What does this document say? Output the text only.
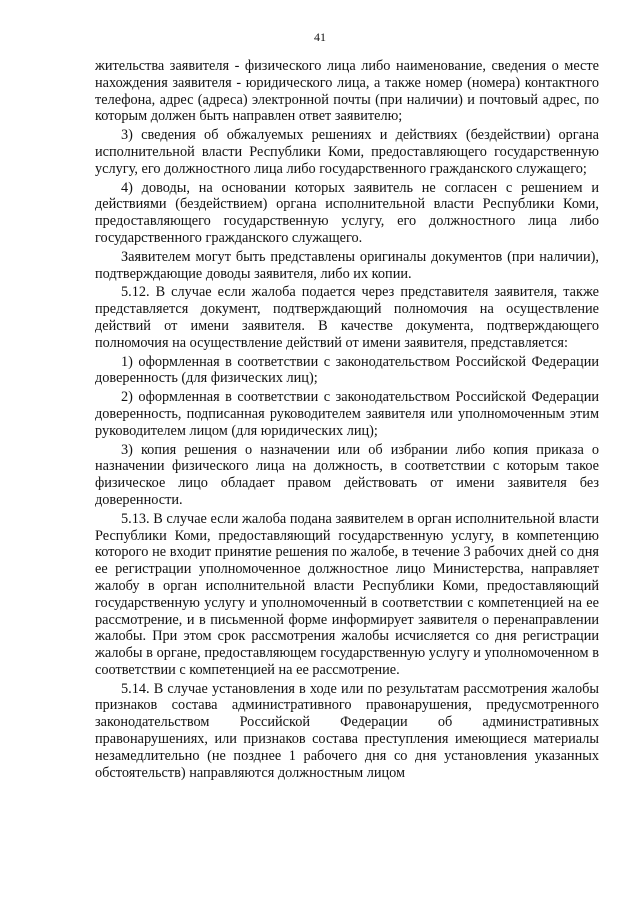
41

жительства заявителя - физического лица либо наименование, сведения о месте нахождения заявителя - юридического лица, а также номер (номера) контактного телефона, адрес (адреса) электронной почты (при наличии) и почтовый адрес, по которым должен быть направлен ответ заявителю;

3) сведения об обжалуемых решениях и действиях (бездействии) органа исполнительной власти Республики Коми, предоставляющего государственную услугу, его должностного лица либо государственного гражданского служащего;

4) доводы, на основании которых заявитель не согласен с решением и действиями (бездействием) органа исполнительной власти Республики Коми, предоставляющего государственную услугу, его должностного лица либо государственного гражданского служащего.

Заявителем могут быть представлены оригиналы документов (при наличии), подтверждающие доводы заявителя, либо их копии.

5.12. В случае если жалоба подается через представителя заявителя, также представляется документ, подтверждающий полномочия на осуществление действий от имени заявителя. В качестве документа, подтверждающего полномочия на осуществление действий от имени заявителя, представляется:

1) оформленная в соответствии с законодательством Российской Федерации доверенность (для физических лиц);

2) оформленная в соответствии с законодательством Российской Федерации доверенность, подписанная руководителем заявителя или уполномоченным этим руководителем лицом (для юридических лиц);

3) копия решения о назначении или об избрании либо копия приказа о назначении физического лица на должность, в соответствии с которым такое физическое лицо обладает правом действовать от имени заявителя без доверенности.

5.13. В случае если жалоба подана заявителем в орган исполнительной власти Республики Коми, предоставляющий государственную услугу, в компетенцию которого не входит принятие решения по жалобе, в течение 3 рабочих дней со дня ее регистрации уполномоченное должностное лицо Министерства, направляет жалобу в орган исполнительной власти Республики Коми, предоставляющий государственную услугу и уполномоченный в соответствии с компетенцией на ее рассмотрение, и в письменной форме информирует заявителя о перенаправлении жалобы. При этом срок рассмотрения жалобы исчисляется со дня регистрации жалобы в органе, предоставляющем государственную услугу и уполномоченном в соответствии с компетенцией на ее рассмотрение.

5.14. В случае установления в ходе или по результатам рассмотрения жалобы признаков состава административного правонарушения, предусмотренного законодательством Российской Федерации об административных правонарушениях, или признаков состава преступления имеющиеся материалы незамедлительно (не позднее 1 рабочего дня со дня установления указанных обстоятельств) направляются должностным лицом
